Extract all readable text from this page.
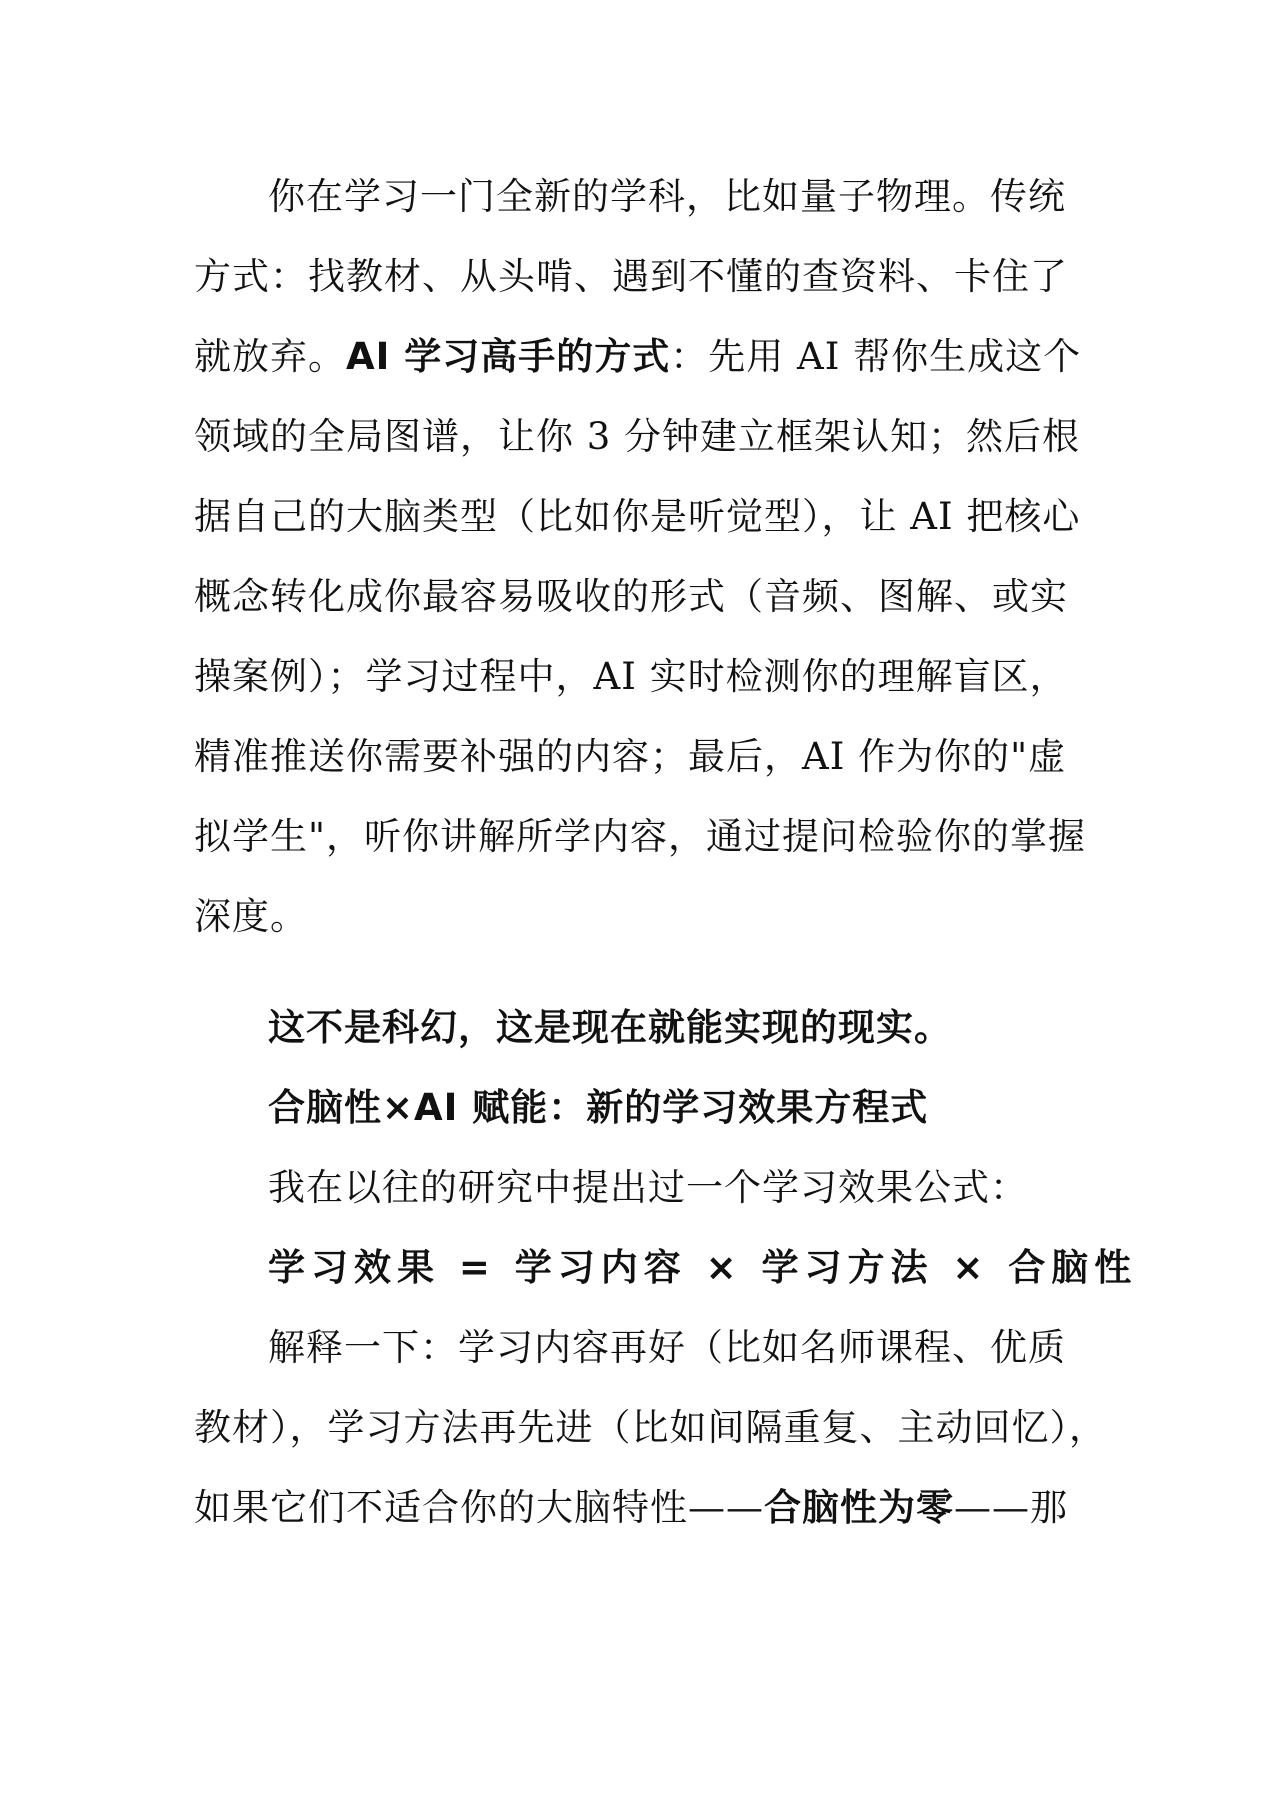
你在学习一门全新的学科，比如量子物理。传统
方式：找教材、从头啃、遇到不懂的查资料、卡住了
就放弃。AI 学习高手的方式：先用 AI 帮你生成这个
领域的全局图谱，让你 3 分钟建立框架认知；然后根
据自己的大脑类型（比如你是听觉型），让 AI 把核心
概念转化成你最容易吸收的形式（音频、图解、或实
操案例）；学习过程中，AI 实时检测你的理解盲区，
精准推送你需要补强的内容；最后，AI 作为你的"虚
拟学生"，听你讲解所学内容，通过提问检验你的掌握
深度。
这不是科幻，这是现在就能实现的现实。
合脑性×AI 赋能：新的学习效果方程式
我在以往的研究中提出过一个学习效果公式：
学习效果 = 学习内容 × 学习方法 × 合脑性
解释一下：学习内容再好（比如名师课程、优质
教材），学习方法再先进（比如间隔重复、主动回忆），
如果它们不适合你的大脑特性——合脑性为零——那
